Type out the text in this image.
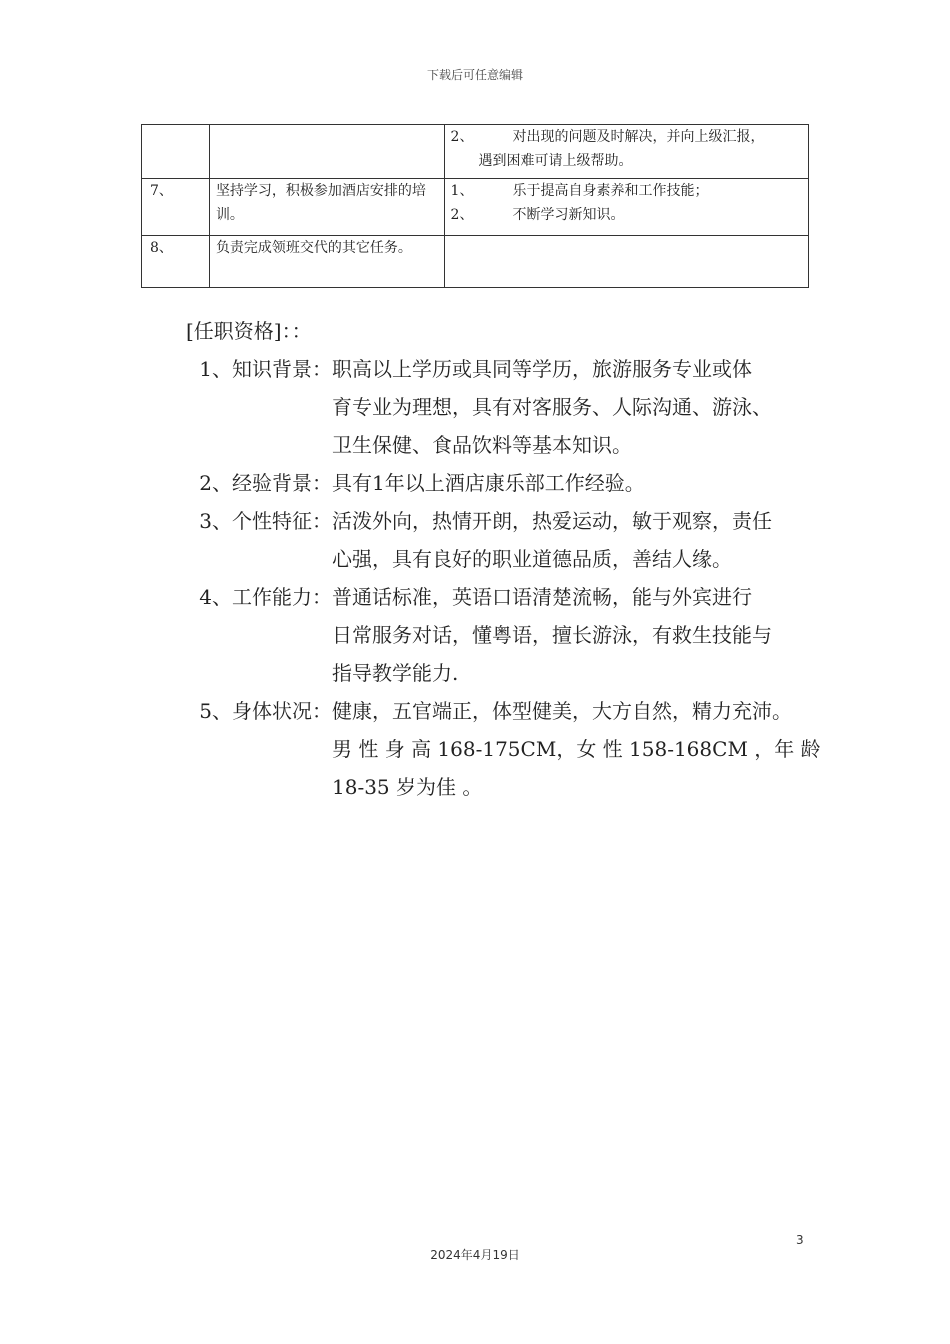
下载后可任意编辑

		2、 对出现的问题及时解决，并向上级汇报，
遇到困难可请上级帮助。

7、	坚持学习，积极参加酒店安排的培训。	1、 乐于提高自身素养和工作技能；
2、 不断学习新知识。

8、	负责完成领班交代的其它任务。	
[任职资格]：：
1、知识背景： 职高以上学历或具同等学历，旅游服务专业或体
育专业为理想，具有对客服务、人际沟通、游泳、
卫生保健、食品饮料等基本知识。
2、经验背景： 具有1年以上酒店康乐部工作经验。
3、个性特征： 活泼外向，热情开朗，热爱运动，敏于观察，责任
心强，具有良好的职业道德品质，善结人缘。
4、工作能力： 普通话标准，英语口语清楚流畅，能与外宾进行
日常服务对话，懂粤语，擅长游泳，有救生技能与
指导教学能力.
5、身体状况： 健康，五官端正，体型健美，大方自然，精力充沛。
男 性 身 高 168-175CM，女 性 158-168CM ，年 龄
18-35 岁为佳 。
3
2024年4月19日
